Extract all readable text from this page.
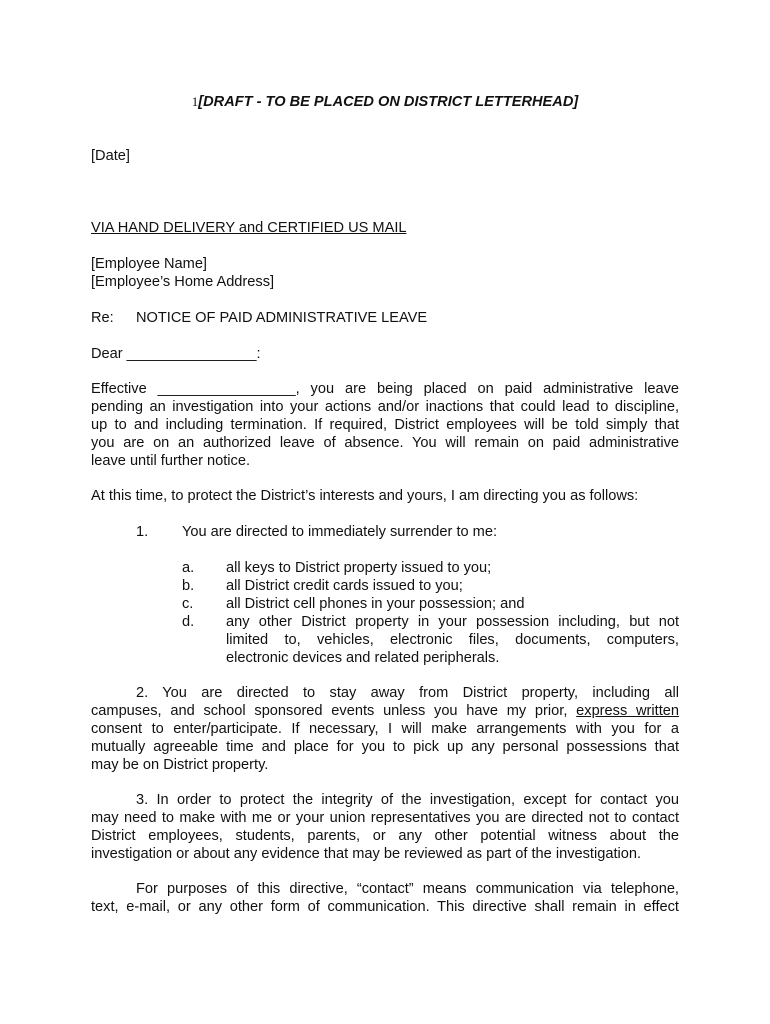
1[DRAFT - TO BE PLACED ON DISTRICT LETTERHEAD]
[Date]
VIA HAND DELIVERY and CERTIFIED US MAIL
[Employee Name]
[Employee’s Home Address]
Re: NOTICE OF PAID ADMINISTRATIVE LEAVE
Dear ________________:
Effective _________________, you are being placed on paid administrative leave
pending an investigation into your actions and/or inactions that could lead to discipline,
up to and including termination. If required, District employees will be told simply that
you are on an authorized leave of absence. You will remain on paid administrative
leave until further notice.
At this time, to protect the District’s interests and yours, I am directing you as follows:
1. You are directed to immediately surrender to me:
a. all keys to District property issued to you;
b. all District credit cards issued to you;
c. all District cell phones in your possession; and
d. any other District property in your possession including, but not
limited to, vehicles, electronic files, documents, computers,
electronic devices and related peripherals.
2. You are directed to stay away from District property, including all
campuses, and school sponsored events unless you have my prior, express written
consent to enter/participate. If necessary, I will make arrangements with you for a
mutually agreeable time and place for you to pick up any personal possessions that
may be on District property.
3. In order to protect the integrity of the investigation, except for contact you
may need to make with me or your union representatives you are directed not to contact
District employees, students, parents, or any other potential witness about the
investigation or about any evidence that may be reviewed as part of the investigation.
For purposes of this directive, “contact” means communication via telephone,
text, e-mail, or any other form of communication. This directive shall remain in effect
